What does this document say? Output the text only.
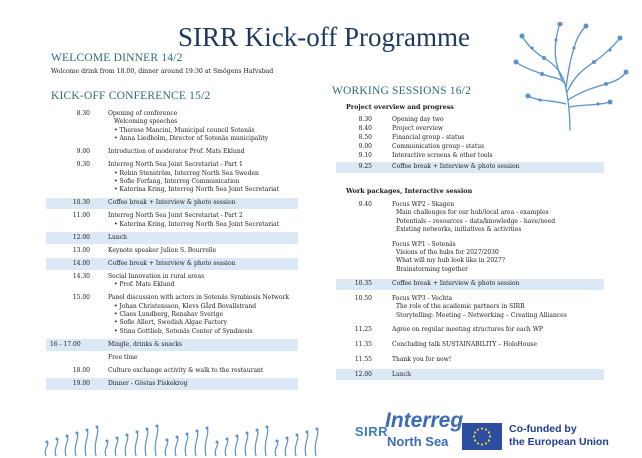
SIRR Kick-off Programme
WELCOME DINNER 14/2
Welcome drink from 18.00, dinner around 19:30 at Smögens Hafvsbad
KICK-OFF CONFERENCE 15/2
8.30	Opening of conference
Welcoming speeches
• Therese Mancini, Municipal council Sotenäs
• Anna Liedholm, Director of Sotenäs municipality
9.00	Introduction of moderator Prof. Mats Eklund
9.30	Interreg North Sea Joint Secretariat - Part 1
• Robin Stenström, Interreg North Sea Sweden
• Sofie Forfang, Interreg Communication
• Katerina Kring, Interreg North Sea Joint Secretariat
10.30	Coffee break + Interview & photo session
11.00	Interreg North Sea Joint Secretariat - Part 2
• Katerina Kring, Interreg North Sea Joint Secretariat
12.00	Lunch
13.00	Keynote speaker Julien S. Bourrelle
14.00	Coffee break + Interview & photo session
14.30	Social Innovation in rural areas
• Prof. Mats Eklund
15.00	Panel discussion with actors in Sotenäs Symbiosis Network
• Johan Christensson, Klevs Gård Bovallstrand
• Claes Lundberg, Renahav Sverige
• Sofie Allert, Swedish Algae Factory
• Stina Gottlieb, Sotenäs Center of Symbiosis
16 - 17.00	Mingle, drinks & snacks
Free time
18.00	Culture exchange activity & walk to the restaurant
19.00	Dinner - Göstas Fiskekrog
WORKING SESSIONS 16/2
Project overview and progress
8.30	Opening day two
8.40	Project overview
8.50	Financial group - status
9.00	Communication group - status
9.10	Interactive screens & other tools
9.25	Coffee break + Interview & photo session
Work packages, Interactive session
9.40	Focus WP2 - Skagen
Main challenges for our hub/local area - examples
Potentials – resources – data/knowledge - have/need
Existing networks, initiatives & activities
Focus WP1 - Sotenäs
Visions of the hubs for 2027/2030
What will my hub look like in 2027?
Brainstorming together
10.35	Coffee break + Interview & photo session
10.50	Focus WP3 - Vechta
The role of the academic partners in SIRR
Storytelling: Meeting – Networking – Creating Alliances
11.25	Agree on regular meeting structures for each WP
11.35	Concluding talk SUSTAINABILITY – HoloHouse
11.55	Thank you for now!
12.00	Lunch
SIRR
Interreg
North Sea
Co-funded by
the European Union
